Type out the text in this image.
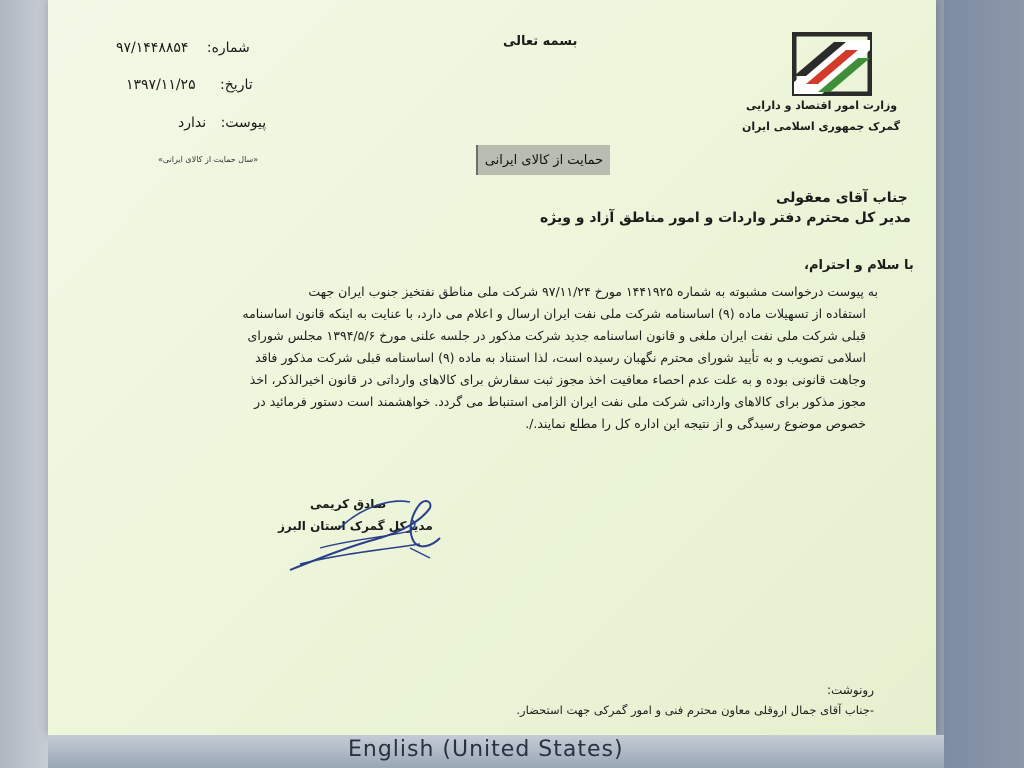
بسمه تعالی
شماره: ۹۷/۱۴۴۸۸۵۴
تاریخ: ۱۳۹۷/۱۱/۲۵
پیوست: ندارد
«سال حمایت از کالای ایرانی»
وزارت امور اقتصاد و دارایی
گمرک جمهوری اسلامی ایران
حمایت از کالای ایرانی
جناب آقای معقولی
مدیر کل محترم دفتر واردات و امور مناطق آزاد و ویژه
با سلام و احترام،
به پیوست درخواست مشبوته به شماره ۱۴۴۱۹۲۵ مورخ ۹۷/۱۱/۲۴ شرکت ملی مناطق نفتخیز جنوب ایران جهت
استفاده از تسهیلات ماده (۹) اساسنامه شرکت ملی نفت ایران ارسال و اعلام می دارد، با عنایت به اینکه قانون اساسنامه
قبلی شرکت ملی نفت ایران ملغی و قانون اساسنامه جدید شرکت مذکور در جلسه علنی مورخ ۱۳۹۴/۵/۶ مجلس شورای
اسلامی تصویب و به تأیید شورای محترم نگهبان رسیده است، لذا استناد به ماده (۹) اساسنامه قبلی شرکت مذکور فاقد
وجاهت قانونی بوده و به علت عدم احصاء معافیت اخذ مجوز ثبت سفارش برای کالاهای وارداتی در قانون اخیرالذکر، اخذ
مجوز مذکور برای کالاهای وارداتی شرکت ملی نفت ایران الزامی استنباط می گردد. خواهشمند است دستور فرمائید در
خصوص موضوع رسیدگی و از نتیجه این اداره کل را مطلع نمایند./.
صادق کریمی
مدیرکل گمرک استان البرز
رونوشت:
-جناب آقای جمال اروقلی معاون محترم فنی و امور گمرکی جهت استحضار.
English (United States)
